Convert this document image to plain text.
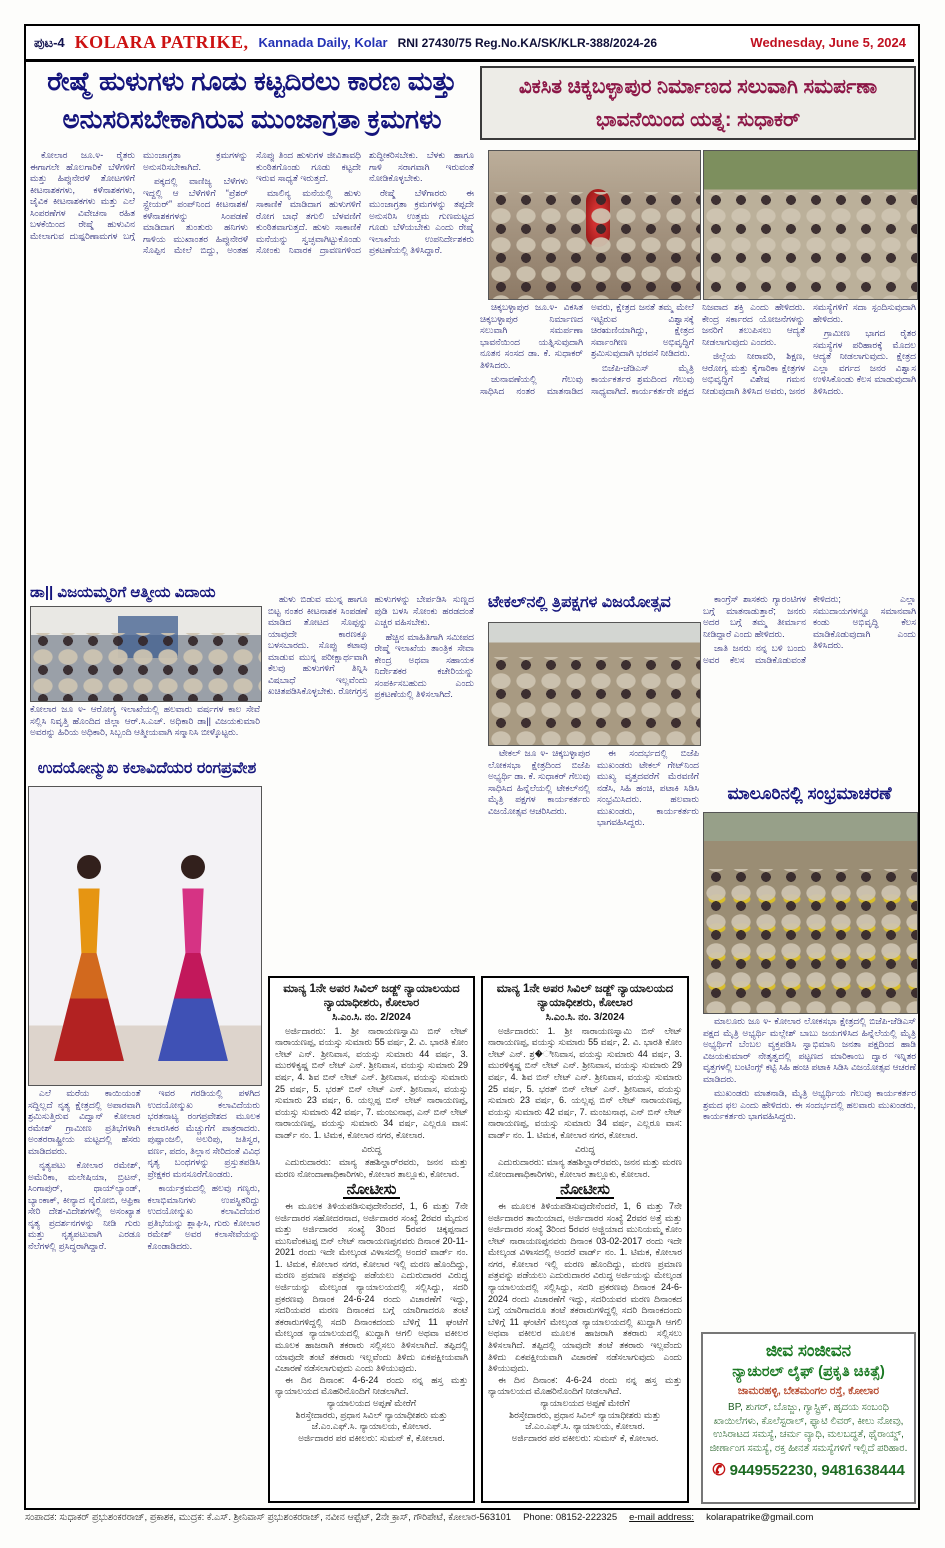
ಪುಟ-4 KOLARA PATRIKE, Kannada Daily, Kolar RNI 27430/75 Reg.No.KA/SK/KLR-388/2024-26	Wednesday, June 5, 2024
ರೇಷ್ಮೆ ಹುಳುಗಳು ಗೂಡು ಕಟ್ಟದಿರಲು ಕಾರಣ ಮತ್ತು ಅನುಸರಿಸಬೇಕಾಗಿರುವ ಮುಂಜಾಗ್ರತಾ ಕ್ರಮಗಳು

ಕೋಲಾರ ಜೂ.೪- ರೈತರು ಈಗಾಗಲೇ ಹೊಲಗಾರಿಕೆ ಬೆಳೆಗಳಿಗೆ ಮತ್ತು ಹಿಪ್ಪುನೇರಳೆ ತೋಟಗಳಿಗೆ ಕೀಟನಾಶಕಗಳು, ಕಳೆನಾಶಕಗಳು, ಜೈವಿಕ ಕೀಟನಾಶಕಗಳು ಮತ್ತು ಎಲೆ ಸಿಂಪರಣೆಗಳ ವಿವೇಚನಾ ರಹಿತ ಬಳಕೆಯಿಂದ ರೇಷ್ಮೆ ಹುಳುವಿನ ಮೇಲಾಗುವ ದುಷ್ಪರಿಣಾಮಗಳ ಬಗ್ಗೆ ಮುಂಜಾಗ್ರತಾ ಕ್ರಮಗಳನ್ನು ಅನುಸರಿಸಬೇಕಾಗಿದೆ.

ಪಕ್ಕದಲ್ಲಿ ವಾಣಿಜ್ಯ ಬೆಳೆಗಳು ಇದ್ದಲ್ಲಿ ಆ ಬೆಳೆಗಳಿಗೆ “ಪ್ರೆಶರ್ ಸ್ಪ್ರೇಯರ್” ಪಂಪ್‌ನಿಂದ ಕೀಟನಾಶಕ/ಕಳೆನಾಶಕಗಳನ್ನು ಸಿಂಪಡಣೆ ಮಾಡಿದಾಗ ತುಂತುರು ಹನಿಗಳು ಗಾಳಿಯ ಮುಖಾಂತರ ಹಿಪ್ಪುನೇರಳೆ ಸೊಪ್ಪಿನ ಮೇಲೆ ಬಿದ್ದು, ಅಂತಹ ಸೊಪ್ಪು ತಿಂದ ಹುಳುಗಳ ಜೀವಿತಾವಧಿ ಕುಂಠಿತಗೊಂಡು ಗೂಡು ಕಟ್ಟದೇ ಇರುವ ಸಾಧ್ಯತೆ ಇರುತ್ತದೆ.

ಮಾಲಿನ್ಯ ಮನೆಯಲ್ಲಿ ಹುಳು ಸಾಕಾಣಿಕೆ ಮಾಡಿದಾಗ ಹುಳುಗಳಿಗೆ ರೋಗ ಬಾಧೆ ತಗುಲಿ ಬೆಳವಣಿಗೆ ಕುಂಠಿತವಾಗುತ್ತದೆ. ಹುಳು ಸಾಕಾಣಿಕೆ ಮನೆಯನ್ನು ಸ್ವಚ್ಛವಾಗಿಟ್ಟುಕೊಂಡು ಸೋಂಕು ನಿವಾರಕ ದ್ರಾವಣಗಳಿಂದ ಶುದ್ಧೀಕರಿಸಬೇಕು. ಬೆಳಕು ಹಾಗೂ ಗಾಳಿ ಸರಾಗವಾಗಿ ಇರುವಂತೆ ನೋಡಿಕೊಳ್ಳಬೇಕು.

ರೇಷ್ಮೆ ಬೆಳೆಗಾರರು ಈ ಮುಂಜಾಗ್ರತಾ ಕ್ರಮಗಳನ್ನು ತಪ್ಪದೇ ಅನುಸರಿಸಿ ಉತ್ತಮ ಗುಣಮಟ್ಟದ ಗೂಡು ಬೆಳೆಯಬೇಕು ಎಂದು ರೇಷ್ಮೆ ಇಲಾಖೆಯ ಉಪನಿರ್ದೇಶಕರು ಪ್ರಕಟಣೆಯಲ್ಲಿ ತಿಳಿಸಿದ್ದಾರೆ.

ಹುಳು ಬಿಡುವ ಮುನ್ನ ಹಾಗೂ ಬಿಟ್ಟ ನಂತರ ಕೀಟನಾಶಕ ಸಿಂಪಡಣೆ ಮಾಡಿದ ತೋಟದ ಸೊಪ್ಪನ್ನು ಯಾವುದೇ ಕಾರಣಕ್ಕೂ ಬಳಸಬಾರದು. ಸೊಪ್ಪು ಕಟಾವು ಮಾಡುವ ಮುನ್ನ ಪರೀಕ್ಷಾರ್ಥವಾಗಿ ಕೆಲವು ಹುಳುಗಳಿಗೆ ತಿನ್ನಿಸಿ ವಿಷಬಾಧೆ ಇಲ್ಲವೆಂದು ಖಚಿತಪಡಿಸಿಕೊಳ್ಳಬೇಕು. ರೋಗಗ್ರಸ್ತ ಹುಳುಗಳನ್ನು ಬೇರ್ಪಡಿಸಿ ಸುಣ್ಣದ ಪುಡಿ ಬಳಸಿ ಸೋಂಕು ಹರಡದಂತೆ ಎಚ್ಚರ ವಹಿಸಬೇಕು.

ಹೆಚ್ಚಿನ ಮಾಹಿತಿಗಾಗಿ ಸಮೀಪದ ರೇಷ್ಮೆ ಇಲಾಖೆಯ ತಾಂತ್ರಿಕ ಸೇವಾ ಕೇಂದ್ರ ಅಥವಾ ಸಹಾಯಕ ನಿರ್ದೇಶಕರ ಕಚೇರಿಯನ್ನು ಸಂಪರ್ಕಿಸಬಹುದು ಎಂದು ಪ್ರಕಟಣೆಯಲ್ಲಿ ತಿಳಿಸಲಾಗಿದೆ.

ಡಾ|| ವಿಜಯಮ್ಮರಿಗೆ ಆತ್ಮೀಯ ವಿದಾಯ
ಕೋಲಾರ ಜೂ ೪- ಆರೋಗ್ಯ ಇಲಾಖೆಯಲ್ಲಿ ಹಲವಾರು ವರ್ಷಗಳ ಕಾಲ ಸೇವೆ ಸಲ್ಲಿಸಿ ನಿವೃತ್ತಿ ಹೊಂದಿದ ಜಿಲ್ಲಾ ಆರ್.ಸಿ.ಎಚ್. ಅಧಿಕಾರಿ ಡಾ|| ವಿಜಯಕುಮಾರಿ ಅವರನ್ನು ಹಿರಿಯ ಅಧಿಕಾರಿ, ಸಿಬ್ಬಂದಿ ಆತ್ಮೀಯವಾಗಿ ಸನ್ಮಾನಿಸಿ ಬೀಳ್ಕೊಟ್ಟರು.
ಉದಯೋನ್ಮುಖ ಕಲಾವಿದೆಯರ ರಂಗಪ್ರವೇಶ

ಎಲೆ ಮರೆಯ ಕಾಯಿಯಂತೆ ಸದ್ದಿಲ್ಲದೆ ನೃತ್ಯ ಕ್ಷೇತ್ರದಲ್ಲಿ ಅಪಾರವಾಗಿ ಶ್ರಮಿಸುತ್ತಿರುವ ವಿದ್ವಾನ್ ಕೋಲಾರ ರಮೇಶ್ ಗ್ರಾಮೀಣ ಪ್ರತಿಭೆಗಳಾಗಿ ಅಂತರರಾಷ್ಟ್ರೀಯ ಮಟ್ಟದಲ್ಲಿ ಹೆಸರು ಮಾಡಿದವರು.

ನೃತ್ಯಪಟು ಕೋಲಾರ ರಮೇಶ್, ಅಮೆರಿಕಾ, ಮಲೇಷಿಯಾ, ಬ್ರಿಟನ್, ಸಿಂಗಾಪುರ್, ಥಾಯ್‌ಲ್ಯಾಂಡ್, ಬ್ಯಾಂಕಾಕ್, ಕೀನ್ಯಾದ ನೈರೋಬಿ, ಆಫ್ರಿಕಾ ಸೇರಿ ದೇಶ-ವಿದೇಶಗಳಲ್ಲಿ ಅಸಂಖ್ಯಾತ ನೃತ್ಯ ಪ್ರದರ್ಶನಗಳನ್ನು ನೀಡಿ ಗುರು ಮತ್ತು ನೃತ್ಯಪಟುವಾಗಿ ಎರಡೂ ನೆಲೆಗಳಲ್ಲಿ ಪ್ರಸಿದ್ಧರಾಗಿದ್ದಾರೆ.

ಇವರ ಗರಡಿಯಲ್ಲಿ ಪಳಗಿದ ಉದಯೋನ್ಮುಖ ಕಲಾವಿದೆಯರು ಭರತನಾಟ್ಯ ರಂಗಪ್ರವೇಶದ ಮೂಲಕ ಕಲಾರಸಿಕರ ಮೆಚ್ಚುಗೆಗೆ ಪಾತ್ರರಾದರು. ಪುಷ್ಪಾಂಜಲಿ, ಅಲರಿಪು, ಜತಿಸ್ವರ, ವರ್ಣ, ಪದಂ, ತಿಲ್ಲಾನ ಸೇರಿದಂತೆ ವಿವಿಧ ನೃತ್ಯ ಬಂಧಗಳನ್ನು ಪ್ರಸ್ತುತಪಡಿಸಿ ಪ್ರೇಕ್ಷಕರ ಮನಸೂರೆಗೊಂಡರು.

ಕಾರ್ಯಕ್ರಮದಲ್ಲಿ ಹಲವು ಗಣ್ಯರು, ಕಲಾಭಿಮಾನಿಗಳು ಉಪಸ್ಥಿತರಿದ್ದು ಉದಯೋನ್ಮುಖ ಕಲಾವಿದೆಯರ ಪ್ರತಿಭೆಯನ್ನು ಶ್ಲಾಘಿಸಿ, ಗುರು ಕೋಲಾರ ರಮೇಶ್ ಅವರ ಕಲಾಸೇವೆಯನ್ನು ಕೊಂಡಾಡಿದರು.

ವಿಕಸಿತ ಚಿಕ್ಕಬಳ್ಳಾಪುರ ನಿರ್ಮಾಣದ ಸಲುವಾಗಿ ಸಮರ್ಪಣಾ ಭಾವನೆಯಿಂದ ಯತ್ನ: ಸುಧಾಕರ್

ಚಿಕ್ಕಬಳ್ಳಾಪುರ ಜೂ.೪- ವಿಕಸಿತ ಚಿಕ್ಕಬಳ್ಳಾಪುರ ನಿರ್ಮಾಣದ ಸಲುವಾಗಿ ಸಮರ್ಪಣಾ ಭಾವನೆಯಿಂದ ಯತ್ನಿಸುವುದಾಗಿ ನೂತನ ಸಂಸದ ಡಾ. ಕೆ. ಸುಧಾಕರ್ ತಿಳಿಸಿದರು.

ಚುನಾವಣೆಯಲ್ಲಿ ಗೆಲುವು ಸಾಧಿಸಿದ ನಂತರ ಮಾತನಾಡಿದ ಅವರು, ಕ್ಷೇತ್ರದ ಜನತೆ ತಮ್ಮ ಮೇಲೆ ಇಟ್ಟಿರುವ ವಿಶ್ವಾಸಕ್ಕೆ ಚಿರಋಣಿಯಾಗಿದ್ದು, ಕ್ಷೇತ್ರದ ಸರ್ವಾಂಗೀಣ ಅಭಿವೃದ್ಧಿಗೆ ಶ್ರಮಿಸುವುದಾಗಿ ಭರವಸೆ ನೀಡಿದರು.

ಬಿಜೆಪಿ-ಜೆಡಿಎಸ್ ಮೈತ್ರಿ ಕಾರ್ಯಕರ್ತರ ಶ್ರಮದಿಂದ ಗೆಲುವು ಸಾಧ್ಯವಾಗಿದೆ. ಕಾರ್ಯಕರ್ತರೇ ಪಕ್ಷದ ನಿಜವಾದ ಶಕ್ತಿ ಎಂದು ಹೇಳಿದರು. ಕೇಂದ್ರ ಸರ್ಕಾರದ ಯೋಜನೆಗಳನ್ನು ಜನರಿಗೆ ತಲುಪಿಸಲು ಆದ್ಯತೆ ನೀಡಲಾಗುವುದು ಎಂದರು.

ಜಿಲ್ಲೆಯ ನೀರಾವರಿ, ಶಿಕ್ಷಣ, ಆರೋಗ್ಯ ಮತ್ತು ಕೈಗಾರಿಕಾ ಕ್ಷೇತ್ರಗಳ ಅಭಿವೃದ್ಧಿಗೆ ವಿಶೇಷ ಗಮನ ನೀಡುವುದಾಗಿ ತಿಳಿಸಿದ ಅವರು, ಜನರ ಸಮಸ್ಯೆಗಳಿಗೆ ಸದಾ ಸ್ಪಂದಿಸುವುದಾಗಿ ಹೇಳಿದರು.

ಗ್ರಾಮೀಣ ಭಾಗದ ರೈತರ ಸಮಸ್ಯೆಗಳ ಪರಿಹಾರಕ್ಕೆ ಮೊದಲ ಆದ್ಯತೆ ನೀಡಲಾಗುವುದು. ಕ್ಷೇತ್ರದ ಎಲ್ಲಾ ವರ್ಗದ ಜನರ ವಿಶ್ವಾಸ ಉಳಿಸಿಕೊಂಡು ಕೆಲಸ ಮಾಡುವುದಾಗಿ ತಿಳಿಸಿದರು.

ಕಾಂಗ್ರೆಸ್ ಶಾಸಕರು ಗ್ಯಾರಂಟಿಗಳ ಬಗ್ಗೆ ಮಾತನಾಡುತ್ತಾರೆ; ಜನರು ಅದರ ಬಗ್ಗೆ ತಮ್ಮ ತೀರ್ಮಾನ ನೀಡಿದ್ದಾರೆ ಎಂದು ಹೇಳಿದರು.

ಜಾತಿ ಜನರು ನನ್ನ ಬಳಿ ಬಂದು ಅವರ ಕೆಲಸ ಮಾಡಿಕೊಡುವಂತೆ ಕೇಳಿದರು; ಎಲ್ಲಾ ಸಮುದಾಯಗಳನ್ನೂ ಸಮಾನವಾಗಿ ಕಂಡು ಅಭಿವೃದ್ಧಿ ಕೆಲಸ ಮಾಡಿಕೊಡುವುದಾಗಿ ಎಂದು ತಿಳಿಸಿದರು.

ಟೇಕಲ್‌ನಲ್ಲಿ ತ್ರಿಪಕ್ಷಗಳ ವಿಜಯೋತ್ಸವ

ಟೇಕಲ್ ಜೂ ೪- ಚಿಕ್ಕಬಳ್ಳಾಪುರ ಲೋಕಸಭಾ ಕ್ಷೇತ್ರದಿಂದ ಬಿಜೆಪಿ ಅಭ್ಯರ್ಥಿ ಡಾ. ಕೆ. ಸುಧಾಕರ್ ಗೆಲುವು ಸಾಧಿಸಿದ ಹಿನ್ನೆಲೆಯಲ್ಲಿ ಟೇಕಲ್‌ನಲ್ಲಿ ಮೈತ್ರಿ ಪಕ್ಷಗಳ ಕಾರ್ಯಕರ್ತರು ವಿಜಯೋತ್ಸವ ಆಚರಿಸಿದರು.

ಈ ಸಂದರ್ಭದಲ್ಲಿ ಬಿಜೆಪಿ ಮುಖಂಡರು ಟೇಕಲ್ ಗೇಟ್‌ನಿಂದ ಮುಖ್ಯ ವೃತ್ತದವರೆಗೆ ಮೆರವಣಿಗೆ ನಡೆಸಿ, ಸಿಹಿ ಹಂಚಿ, ಪಟಾಕಿ ಸಿಡಿಸಿ ಸಂಭ್ರಮಿಸಿದರು. ಹಲವಾರು ಮುಖಂಡರು, ಕಾರ್ಯಕರ್ತರು ಭಾಗವಹಿಸಿದ್ದರು.

ಮಾಲೂರಿನಲ್ಲಿ ಸಂಭ್ರಮಾಚರಣೆ

ಮಾಲೂರು ಜೂ ೪- ಕೋಲಾರ ಲೋಕಸಭಾ ಕ್ಷೇತ್ರದಲ್ಲಿ ಬಿಜೆಪಿ-ಜೆಡಿಎಸ್ ಪಕ್ಷದ ಮೈತ್ರಿ ಅಭ್ಯರ್ಥಿ ಮಲ್ಲೇಶ್ ಬಾಬು ಜಯಗಳಿಸಿದ ಹಿನ್ನೆಲೆಯಲ್ಲಿ ಮೈತ್ರಿ ಅಭ್ಯರ್ಥಿಗೆ ಬೆಂಬಲ ವ್ಯಕ್ತಪಡಿಸಿ ಸ್ವಾಭಿಮಾನಿ ಜನತಾ ಪಕ್ಷದಿಂದ ಹಾಡಿ ವಿಜಯಕುಮಾರ್ ನೇತೃತ್ವದಲ್ಲಿ ಪಟ್ಟಣದ ಮಾರಿಕಾಂಬ ದ್ವಾರ ಇನ್ನಿತರ ವೃತ್ತಗಳಲ್ಲಿ ಬಂಟಿಂಗ್ಸ್ ಕಟ್ಟಿ ಸಿಹಿ ಹಂಚಿ ಪಟಾಕಿ ಸಿಡಿಸಿ ವಿಜಯೋತ್ಸವ ಆಚರಣೆ ಮಾಡಿದರು.

ಮುಖಂಡರು ಮಾತನಾಡಿ, ಮೈತ್ರಿ ಅಭ್ಯರ್ಥಿಯ ಗೆಲುವು ಕಾರ್ಯಕರ್ತರ ಶ್ರಮದ ಫಲ ಎಂದು ಹೇಳಿದರು. ಈ ಸಂದರ್ಭದಲ್ಲಿ ಹಲವಾರು ಮುಖಂಡರು, ಕಾರ್ಯಕರ್ತರು ಭಾಗವಹಿಸಿದ್ದರು.

ಮಾನ್ಯ 1ನೇ ಅಪರ ಸಿವಿಲ್ ಜಡ್ಜ್ ನ್ಯಾಯಾಲಯದ ನ್ಯಾಯಾಧೀಶರು, ಕೋಲಾರ

ಸಿ.ಎಂ.ಸಿ. ನಂ. 2/2024

ಅರ್ಜಿದಾರರು: 1. ಶ್ರೀ ನಾರಾಯಣಸ್ವಾಮಿ ಬಿನ್ ಲೇಟ್ ನಾರಾಯಣಪ್ಪ, ವಯಸ್ಸು ಸುಮಾರು 55 ವರ್ಷ, 2. ವಿ. ಭಾರತಿ ಕೋಂ ಲೇಟ್ ಎನ್. ಶ್ರೀನಿವಾಸ, ವಯಸ್ಸು ಸುಮಾರು 44 ವರ್ಷ, 3. ಮುರಳಿಕೃಷ್ಣ ಬಿನ್ ಲೇಟ್ ಎನ್. ಶ್ರೀನಿವಾಸ, ವಯಸ್ಸು ಸುಮಾರು 29 ವರ್ಷ, 4. ಶಿವ ಬಿನ್ ಲೇಟ್ ಎನ್. ಶ್ರೀನಿವಾಸ, ವಯಸ್ಸು ಸುಮಾರು 25 ವರ್ಷ, 5. ಭರತ್ ಬಿನ್ ಲೇಟ್ ಎನ್. ಶ್ರೀನಿವಾಸ, ವಯಸ್ಸು ಸುಮಾರು 23 ವರ್ಷ, 6. ಯಲ್ಲಪ್ಪ ಬಿನ್ ಲೇಟ್ ನಾರಾಯಣಪ್ಪ, ವಯಸ್ಸು ಸುಮಾರು 42 ವರ್ಷ, 7. ಮಂಜುನಾಥ, ಎನ್ ಬಿನ್ ಲೇಟ್ ನಾರಾಯಣಪ್ಪ, ವಯಸ್ಸು ಸುಮಾರು 34 ವರ್ಷ, ಎಲ್ಲರೂ ವಾಸ: ವಾರ್ಡ್ ನಂ. 1. ಟಿಮಕ, ಕೋಲಾರ ನಗರ, ಕೋಲಾರ.

ವಿರುದ್ಧ

ಎದುರುದಾರರು: ಮಾನ್ಯ ತಹಶಿಲ್ದಾರ್‌ರವರು, ಜನನ ಮತ್ತು ಮರಣ ನೋಂದಾಣಾಧಿಕಾರಿಗಳು, ಕೋಲಾರ ತಾಲ್ಲೂಕು, ಕೋಲಾರ.

ನೋಟೀಸು

ಈ ಮೂಲಕ ತಿಳಿಯಪಡಿಸುವುದೇನೆಂದರೆ, 1, 6 ಮತ್ತು 7ನೇ ಅರ್ಜಿದಾರರ ಸಹೋದರನಾದ, ಅರ್ಜಿದಾರರ ಸಂಖ್ಯೆ 2ರವರ ಮೈದುನ ಮತ್ತು ಅರ್ಜಿದಾರರ ಸಂಖ್ಯೆ 3ರಿಂದ 5ರವರ ಚಿಕ್ಕಪ್ಪನಾದ ಮುನಿವೆಂಕಟಪ್ಪ ಬಿನ್ ಲೇಟ್ ನಾರಾಯಣಪ್ಪನವರು ದಿನಾಂಕ 20-11-2021 ರಂದು ಇದೇ ಮೇಲ್ಕಂಡ ವಿಳಾಸದಲ್ಲಿ ಅಂದರೆ ವಾರ್ಡ್ ನಂ. 1. ಟಿಮಕ, ಕೋಲಾರ ನಗರ, ಕೋಲಾರ ಇಲ್ಲಿ ಮರಣ ಹೊಂದಿದ್ದು, ಮರಣ ಪ್ರಮಾಣ ಪತ್ರವನ್ನು ಪಡೆಯಲು ಎದುರುದಾರರ ವಿರುದ್ಧ ಅರ್ಜಿಯನ್ನು ಮೇಲ್ಕಂಡ ನ್ಯಾಯಾಲಯದಲ್ಲಿ ಸಲ್ಲಿಸಿದ್ದು, ಸದರಿ ಪ್ರಕರಣವು ದಿನಾಂಕ 24-6-24 ರಂದು ವಿಚಾರಣೆಗೆ ಇದ್ದು, ಸದರಿಯವರ ಮರಣ ದಿನಾಂಕದ ಬಗ್ಗೆ ಯಾರಿಗಾದರೂ ತಂಟೆ ತಕರಾರುಗಳಿದ್ದಲ್ಲಿ ಸದರಿ ದಿನಾಂಕದಂದು ಬೆಳಿಗ್ಗೆ 11 ಘಂಟೆಗೆ ಮೇಲ್ಕಂಡ ನ್ಯಾಯಾಲಯದಲ್ಲಿ ಖುದ್ದಾಗಿ ಆಗಲಿ ಅಥವಾ ವಕೀಲರ ಮೂಲಕ ಹಾಜರಾಗಿ ತಕರಾರು ಸಲ್ಲಿಸಲು ತಿಳಿಸಲಾಗಿದೆ. ತಪ್ಪಿದಲ್ಲಿ ಯಾವುದೇ ತಂಟೆ ತಕರಾರು ಇಲ್ಲವೆಂದು ತಿಳಿದು ಏಕಪಕ್ಷೀಯವಾಗಿ ವಿಚಾರಣೆ ನಡೆಸಲಾಗುವುದು ಎಂದು ತಿಳಿಯುವುದು.

ಈ ದಿನ ದಿನಾಂಕ: 4-6-24 ರಂದು ನನ್ನ ಹಸ್ತ ಮತ್ತು ನ್ಯಾಯಾಲಯದ ಮೊಹರಿನೊಂದಿಗೆ ನೀಡಲಾಗಿದೆ.

ನ್ಯಾಯಾಲಯದ ಅಪ್ಪಣೆ ಮೇರೆಗೆ

ಶಿರಸ್ತೇದಾರರು, ಪ್ರಧಾನ ಸಿವಿಲ್ ನ್ಯಾಯಾಧೀಶರು ಮತ್ತು

ಜೆ.ಎಂ.ಎಫ್.ಸಿ. ನ್ಯಾಯಾಲಯ, ಕೋಲಾರ.

ಅರ್ಜಿದಾರರ ಪರ ವಕೀಲರು: ಸುಮನ್ ಕೆ, ಕೋಲಾರ.

ಮಾನ್ಯ 1ನೇ ಅಪರ ಸಿವಿಲ್ ಜಡ್ಜ್ ನ್ಯಾಯಾಲಯದ ನ್ಯಾಯಾಧೀಶರು, ಕೋಲಾರ

ಸಿ.ಎಂ.ಸಿ. ನಂ. 3/2024

ಅರ್ಜಿದಾರರು: 1. ಶ್ರೀ ನಾರಾಯಣಸ್ವಾಮಿ ಬಿನ್ ಲೇಟ್ ನಾರಾಯಣಪ್ಪ, ವಯಸ್ಸು ಸುಮಾರು 55 ವರ್ಷ, 2. ವಿ. ಭಾರತಿ ಕೋಂ ಲೇಟ್ ಎನ್. ಶ್ರ�ೀನಿವಾಸ, ವಯಸ್ಸು ಸುಮಾರು 44 ವರ್ಷ, 3. ಮುರಳಿಕೃಷ್ಣ ಬಿನ್ ಲೇಟ್ ಎನ್. ಶ್ರೀನಿವಾಸ, ವಯಸ್ಸು ಸುಮಾರು 29 ವರ್ಷ, 4. ಶಿವ ಬಿನ್ ಲೇಟ್ ಎನ್. ಶ್ರೀನಿವಾಸ, ವಯಸ್ಸು ಸುಮಾರು 25 ವರ್ಷ, 5. ಭರತ್ ಬಿನ್ ಲೇಟ್ ಎನ್. ಶ್ರೀನಿವಾಸ, ವಯಸ್ಸು ಸುಮಾರು 23 ವರ್ಷ, 6. ಯಲ್ಲಪ್ಪ ಬಿನ್ ಲೇಟ್ ನಾರಾಯಣಪ್ಪ, ವಯಸ್ಸು ಸುಮಾರು 42 ವರ್ಷ, 7. ಮಂಜುನಾಥ, ಎನ್ ಬಿನ್ ಲೇಟ್ ನಾರಾಯಣಪ್ಪ, ವಯಸ್ಸು ಸುಮಾರು 34 ವರ್ಷ, ಎಲ್ಲರೂ ವಾಸ: ವಾರ್ಡ್ ನಂ. 1. ಟಿಮಕ, ಕೋಲಾರ ನಗರ, ಕೋಲಾರ.

ವಿರುದ್ಧ

ಎದುರುದಾರರು: ಮಾನ್ಯ ತಹಶಿಲ್ದಾರ್‌ರವರು, ಜನನ ಮತ್ತು ಮರಣ ನೋಂದಾಣಾಧಿಕಾರಿಗಳು, ಕೋಲಾರ ತಾಲ್ಲೂಕು, ಕೋಲಾರ.

ನೋಟೀಸು

ಈ ಮೂಲಕ ತಿಳಿಯಪಡಿಸುವುದೇನೆಂದರೆ, 1, 6 ಮತ್ತು 7ನೇ ಅರ್ಜಿದಾರರ ತಾಯಿಯಾದ, ಅರ್ಜಿದಾರರ ಸಂಖ್ಯೆ 2ರವರ ಅತ್ತೆ ಮತ್ತು ಅರ್ಜಿದಾರರ ಸಂಖ್ಯೆ 3ರಿಂದ 5ರವರ ಅಜ್ಜಿಯಾದ ಮುನಿಯಮ್ಮ ಕೋಂ ಲೇಟ್ ನಾರಾಯಣಪ್ಪನವರು ದಿನಾಂಕ 03-02-2017 ರಂದು ಇದೇ ಮೇಲ್ಕಂಡ ವಿಳಾಸದಲ್ಲಿ ಅಂದರೆ ವಾರ್ಡ್ ನಂ. 1. ಟಿಮಕ, ಕೋಲಾರ ನಗರ, ಕೋಲಾರ ಇಲ್ಲಿ ಮರಣ ಹೊಂದಿದ್ದು, ಮರಣ ಪ್ರಮಾಣ ಪತ್ರವನ್ನು ಪಡೆಯಲು ಎದುರುದಾರರ ವಿರುದ್ಧ ಅರ್ಜಿಯನ್ನು ಮೇಲ್ಕಂಡ ನ್ಯಾಯಾಲಯದಲ್ಲಿ ಸಲ್ಲಿಸಿದ್ದು, ಸದರಿ ಪ್ರಕರಣವು ದಿನಾಂಕ 24-6-2024 ರಂದು ವಿಚಾರಣೆಗೆ ಇದ್ದು, ಸದರಿಯವರ ಮರಣ ದಿನಾಂಕದ ಬಗ್ಗೆ ಯಾರಿಗಾದರೂ ತಂಟೆ ತಕರಾರುಗಳಿದ್ದಲ್ಲಿ ಸದರಿ ದಿನಾಂಕದಂದು ಬೆಳಿಗ್ಗೆ 11 ಘಂಟೆಗೆ ಮೇಲ್ಕಂಡ ನ್ಯಾಯಾಲಯದಲ್ಲಿ ಖುದ್ದಾಗಿ ಆಗಲಿ ಅಥವಾ ವಕೀಲರ ಮೂಲಕ ಹಾಜರಾಗಿ ತಕರಾರು ಸಲ್ಲಿಸಲು ತಿಳಿಸಲಾಗಿದೆ. ತಪ್ಪಿದಲ್ಲಿ ಯಾವುದೇ ತಂಟೆ ತಕರಾರು ಇಲ್ಲವೆಂದು ತಿಳಿದು ಏಕಪಕ್ಷೀಯವಾಗಿ ವಿಚಾರಣೆ ನಡೆಸಲಾಗುವುದು ಎಂದು ತಿಳಿಯುವುದು.

ಈ ದಿನ ದಿನಾಂಕ: 4-6-24 ರಂದು ನನ್ನ ಹಸ್ತ ಮತ್ತು ನ್ಯಾಯಾಲಯದ ಮೊಹರಿನೊಂದಿಗೆ ನೀಡಲಾಗಿದೆ.

ನ್ಯಾಯಾಲಯದ ಅಪ್ಪಣೆ ಮೇರೆಗೆ

ಶಿರಸ್ತೇದಾರರು, ಪ್ರಧಾನ ಸಿವಿಲ್ ನ್ಯಾಯಾಧೀಶರು ಮತ್ತು

ಜೆ.ಎಂ.ಎಫ್.ಸಿ. ನ್ಯಾಯಾಲಯ, ಕೋಲಾರ.

ಅರ್ಜಿದಾರರ ಪರ ವಕೀಲರು: ಸುಮನ್ ಕೆ, ಕೋಲಾರ.

ಜೀವ ಸಂಜೀವನ
ನ್ಯಾಚುರಲ್ ಲೈಫ್ (ಪ್ರಕೃತಿ ಚಿಕಿತ್ಸೆ)
ಜಾಮರಹಳ್ಳಿ, ಬೇತಮಂಗಲ ರಸ್ತೆ, ಕೋಲಾರ
BP, ಶುಗರ್, ಬೊಜ್ಜು, ಗ್ಯಾಸ್ಟ್ರಿಕ್, ಹೃದಯ ಸಂಬಂಧಿ ಖಾಯಿಲೆಗಳು, ಕೊಲೆಸ್ಟರಾಲ್, ಫ್ಯಾಟಿ ಲಿವರ್, ಕೀಲು ನೋವು, ಉಸಿರಾಟದ ಸಮಸ್ಯೆ, ಚರ್ಮ ವ್ಯಾಧಿ, ಮಲಬದ್ಧತೆ, ಥೈರಾಯ್ಡ್, ಜೀರ್ಣಾಂಗ ಸಮಸ್ಯೆ, ರಕ್ತ ಹೀನತೆ ಸಮಸ್ಯೆಗಳಿಗೆ ಇಲ್ಲಿದೆ ಪರಿಹಾರ.
✆ 9449552230, 9481638444
ಸಂಪಾದಕ: ಸುಧಾಕರ್ ಪ್ರಭುಶಂಕರರಾಜ್, ಪ್ರಕಾಶಕ, ಮುದ್ರಕ: ಕೆ.ಎಸ್. ಶ್ರೀನಿವಾಸ್ ಪ್ರಭುಶಂಕರರಾಜ್, ನವೀನ ಆಫ್ಸೆಟ್, 2ನೇ ಕ್ರಾಸ್, ಗೌರಿಪೇಟೆ, ಕೋಲಾರ-563101 Phone: 08152-222325 e-mail address: kolarapatrike@gmail.com
